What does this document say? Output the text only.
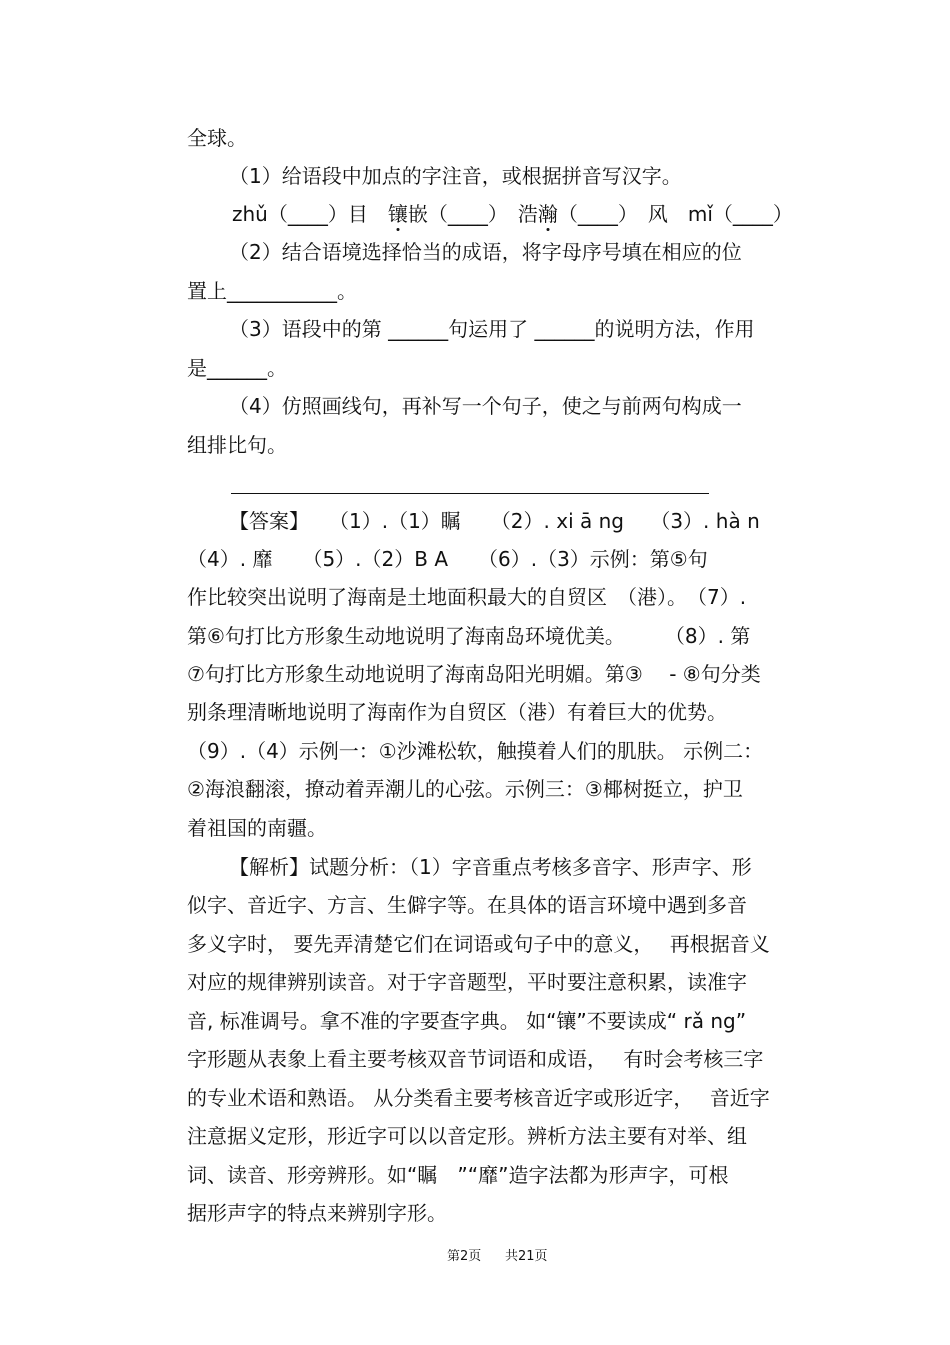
全球。
（1）给语段中加点的字注音，或根据拼音写汉字。
zhǔ（____）目　镶嵌（____）　浩瀚（____）　风　mǐ（____）
（2）结合语境选择恰当的成语，将字母序号填在相应的位
置上___________。
（3）语段中的第 ______句运用了 ______的说明方法，作用
是______。
（4）仿照画线句，再补写一个句子，使之与前两句构成一
组排比句。
【答案】　　（1）.（1）瞩　　（2）. xi ā ng　 （3）. hà n
（4）. 靡　　（5）.（2）B A　　（6）.（3）示例：第⑤句
作比较突出说明了海南是土地面积最大的自贸区　（港）。　（7）.
第⑥句打比方形象生动地说明了海南岛环境优美。　　　（8）. 第
⑦句打比方形象生动地说明了海南岛阳光明媚。第③　 - ⑧句分类
别条理清晰地说明了海南作为自贸区（港）有着巨大的优势。
（9）.（4）示例一：①沙滩松软，触摸着人们的肌肤。 示例二：
②海浪翻滚，撩动着弄潮儿的心弦。示例三：③椰树挺立，护卫
着祖国的南疆。
【解析】试题分析：（1）字音重点考核多音字、形声字、形
似字、音近字、方言、生僻字等。在具体的语言环境中遇到多音
多义字时， 要先弄清楚它们在词语或句子中的意义，　 再根据音义
对应的规律辨别读音。对于字音题型，平时要注意积累，读准字
音, 标准调号。拿不准的字要查字典。 如“镶”不要读成“ rǎ ng”
字形题从表象上看主要考核双音节词语和成语，　 有时会考核三字
的专业术语和熟语。 从分类看主要考核音近字或形近字，　 音近字
注意据义定形，形近字可以以音定形。辨析方法主要有对举、组
词、读音、形旁辨形。如“瞩　”“靡”造字法都为形声字，可根
据形声字的特点来辨别字形。
第2页 共21页
